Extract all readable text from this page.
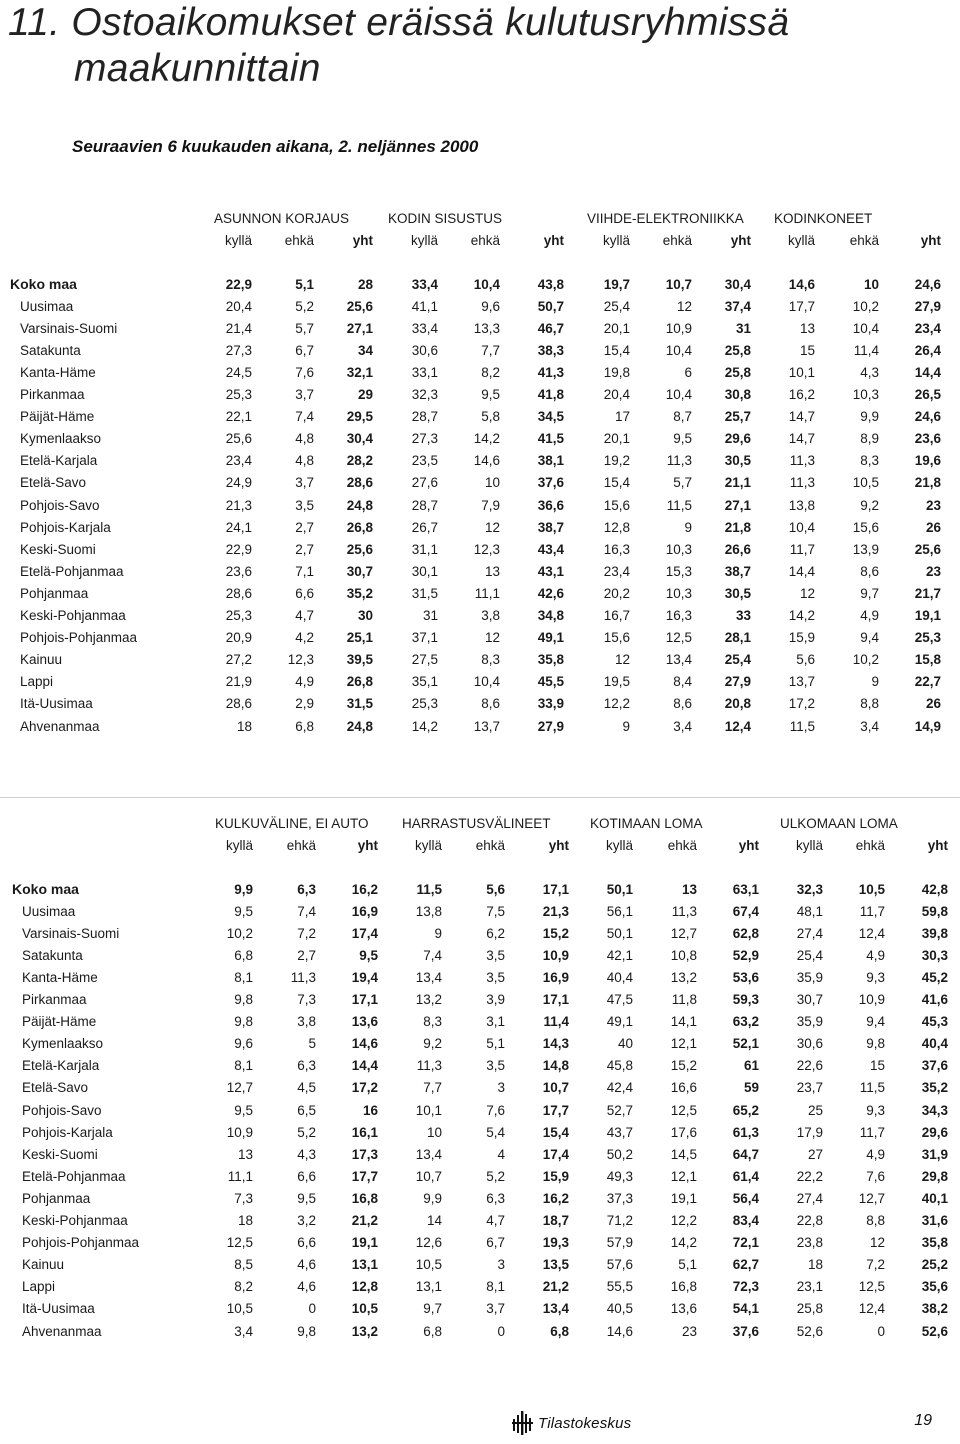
11. Ostoaikomukset eräissä kulutusryhmissä
maakunnittain
Seuraavien 6 kuukauden aikana, 2. neljännes 2000
	ASUNNON KORJAUS			KODIN SISUSTUS			VIIHDE-ELEKTRONIIKKA			KODINKONEET		
	kyllä	ehkä	yht	kyllä	ehkä	yht	kyllä	ehkä	yht	kyllä	ehkä	yht

Koko maa	22,9	5,1	28	33,4	10,4	43,8	19,7	10,7	30,4	14,6	10	24,6
Uusimaa	20,4	5,2	25,6	41,1	9,6	50,7	25,4	12	37,4	17,7	10,2	27,9
Varsinais-Suomi	21,4	5,7	27,1	33,4	13,3	46,7	20,1	10,9	31	13	10,4	23,4
Satakunta	27,3	6,7	34	30,6	7,7	38,3	15,4	10,4	25,8	15	11,4	26,4
Kanta-Häme	24,5	7,6	32,1	33,1	8,2	41,3	19,8	6	25,8	10,1	4,3	14,4
Pirkanmaa	25,3	3,7	29	32,3	9,5	41,8	20,4	10,4	30,8	16,2	10,3	26,5
Päijät-Häme	22,1	7,4	29,5	28,7	5,8	34,5	17	8,7	25,7	14,7	9,9	24,6
Kymenlaakso	25,6	4,8	30,4	27,3	14,2	41,5	20,1	9,5	29,6	14,7	8,9	23,6
Etelä-Karjala	23,4	4,8	28,2	23,5	14,6	38,1	19,2	11,3	30,5	11,3	8,3	19,6
Etelä-Savo	24,9	3,7	28,6	27,6	10	37,6	15,4	5,7	21,1	11,3	10,5	21,8
Pohjois-Savo	21,3	3,5	24,8	28,7	7,9	36,6	15,6	11,5	27,1	13,8	9,2	23
Pohjois-Karjala	24,1	2,7	26,8	26,7	12	38,7	12,8	9	21,8	10,4	15,6	26
Keski-Suomi	22,9	2,7	25,6	31,1	12,3	43,4	16,3	10,3	26,6	11,7	13,9	25,6
Etelä-Pohjanmaa	23,6	7,1	30,7	30,1	13	43,1	23,4	15,3	38,7	14,4	8,6	23
Pohjanmaa	28,6	6,6	35,2	31,5	11,1	42,6	20,2	10,3	30,5	12	9,7	21,7
Keski-Pohjanmaa	25,3	4,7	30	31	3,8	34,8	16,7	16,3	33	14,2	4,9	19,1
Pohjois-Pohjanmaa	20,9	4,2	25,1	37,1	12	49,1	15,6	12,5	28,1	15,9	9,4	25,3
Kainuu	27,2	12,3	39,5	27,5	8,3	35,8	12	13,4	25,4	5,6	10,2	15,8
Lappi	21,9	4,9	26,8	35,1	10,4	45,5	19,5	8,4	27,9	13,7	9	22,7
Itä-Uusimaa	28,6	2,9	31,5	25,3	8,6	33,9	12,2	8,6	20,8	17,2	8,8	26
Ahvenanmaa	18	6,8	24,8	14,2	13,7	27,9	9	3,4	12,4	11,5	3,4	14,9
	KULKUVÄLINE, EI AUTO			HARRASTUSVÄLINEET			KOTIMAAN LOMA			ULKOMAAN LOMA		
	kyllä	ehkä	yht	kyllä	ehkä	yht	kyllä	ehkä	yht	kyllä	ehkä	yht

Koko maa	9,9	6,3	16,2	11,5	5,6	17,1	50,1	13	63,1	32,3	10,5	42,8
Uusimaa	9,5	7,4	16,9	13,8	7,5	21,3	56,1	11,3	67,4	48,1	11,7	59,8
Varsinais-Suomi	10,2	7,2	17,4	9	6,2	15,2	50,1	12,7	62,8	27,4	12,4	39,8
Satakunta	6,8	2,7	9,5	7,4	3,5	10,9	42,1	10,8	52,9	25,4	4,9	30,3
Kanta-Häme	8,1	11,3	19,4	13,4	3,5	16,9	40,4	13,2	53,6	35,9	9,3	45,2
Pirkanmaa	9,8	7,3	17,1	13,2	3,9	17,1	47,5	11,8	59,3	30,7	10,9	41,6
Päijät-Häme	9,8	3,8	13,6	8,3	3,1	11,4	49,1	14,1	63,2	35,9	9,4	45,3
Kymenlaakso	9,6	5	14,6	9,2	5,1	14,3	40	12,1	52,1	30,6	9,8	40,4
Etelä-Karjala	8,1	6,3	14,4	11,3	3,5	14,8	45,8	15,2	61	22,6	15	37,6
Etelä-Savo	12,7	4,5	17,2	7,7	3	10,7	42,4	16,6	59	23,7	11,5	35,2
Pohjois-Savo	9,5	6,5	16	10,1	7,6	17,7	52,7	12,5	65,2	25	9,3	34,3
Pohjois-Karjala	10,9	5,2	16,1	10	5,4	15,4	43,7	17,6	61,3	17,9	11,7	29,6
Keski-Suomi	13	4,3	17,3	13,4	4	17,4	50,2	14,5	64,7	27	4,9	31,9
Etelä-Pohjanmaa	11,1	6,6	17,7	10,7	5,2	15,9	49,3	12,1	61,4	22,2	7,6	29,8
Pohjanmaa	7,3	9,5	16,8	9,9	6,3	16,2	37,3	19,1	56,4	27,4	12,7	40,1
Keski-Pohjanmaa	18	3,2	21,2	14	4,7	18,7	71,2	12,2	83,4	22,8	8,8	31,6
Pohjois-Pohjanmaa	12,5	6,6	19,1	12,6	6,7	19,3	57,9	14,2	72,1	23,8	12	35,8
Kainuu	8,5	4,6	13,1	10,5	3	13,5	57,6	5,1	62,7	18	7,2	25,2
Lappi	8,2	4,6	12,8	13,1	8,1	21,2	55,5	16,8	72,3	23,1	12,5	35,6
Itä-Uusimaa	10,5	0	10,5	9,7	3,7	13,4	40,5	13,6	54,1	25,8	12,4	38,2
Ahvenanmaa	3,4	9,8	13,2	6,8	0	6,8	14,6	23	37,6	52,6	0	52,6
Tilastokeskus	19
